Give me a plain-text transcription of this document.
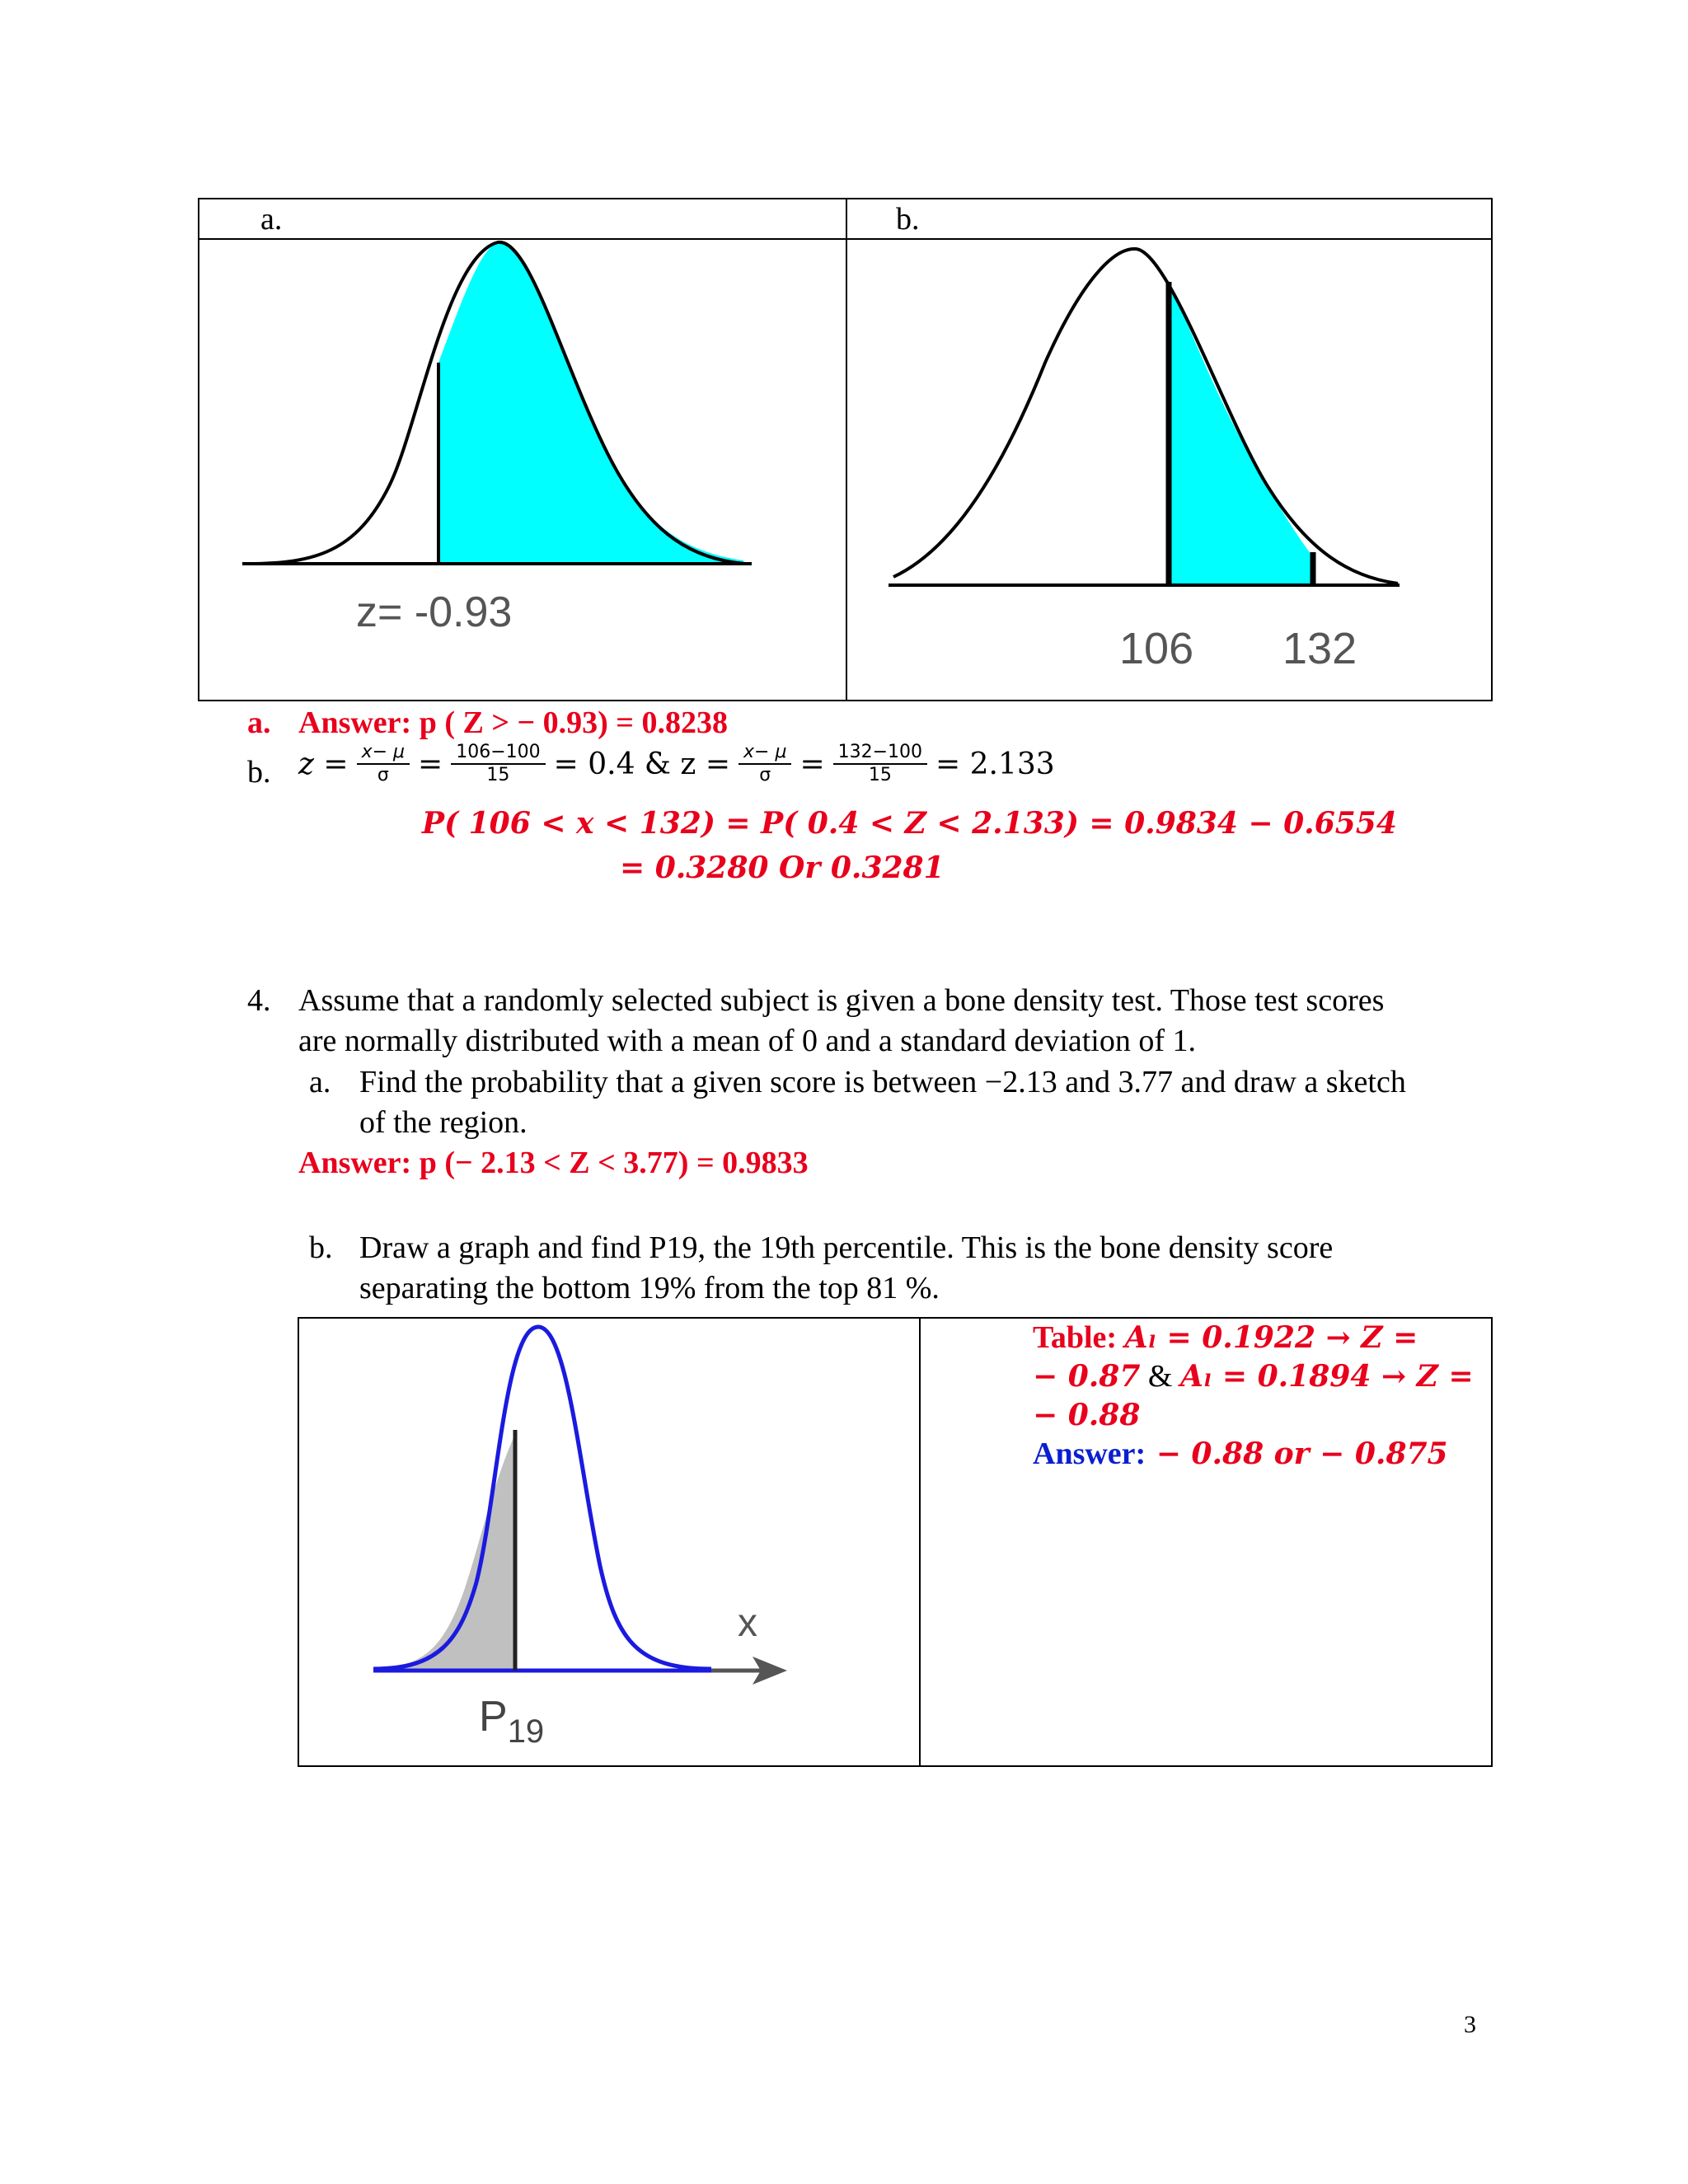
a.	b.
z= -0.93
106 132
a. Answer: p ( Z > − 0.93) = 0.8238
b. $z = \frac{x- \mu}{\sigma} = \frac{106-100}{15} = 0.4$ & $z = \frac{x- \mu}{\sigma} = \frac{132-100}{15} = 2.133$
P( 106 < x < 132) = P( 0.4 < Z < 2.133) = 0.9834 − 0.6554
= 0.3280 Or 0.3281
4. Assume that a randomly selected subject is given a bone density test. Those test scores
are normally distributed with a mean of 0 and a standard deviation of 1.
a. Find the probability that a given score is between −2.13 and 3.77 and draw a sketch
of the region.
Answer: p (− 2.13 < Z < 3.77) = 0.9833
b. Draw a graph and find P19, the 19th percentile. This is the bone density score
separating the bottom 19% from the top 81 %.
x
$P_{19}$
Table: Aₗ = 0.1922 → Z =
− 0.87 & Aₗ = 0.1894 → Z =
− 0.88
Answer: − 0.88 or − 0.875
3
